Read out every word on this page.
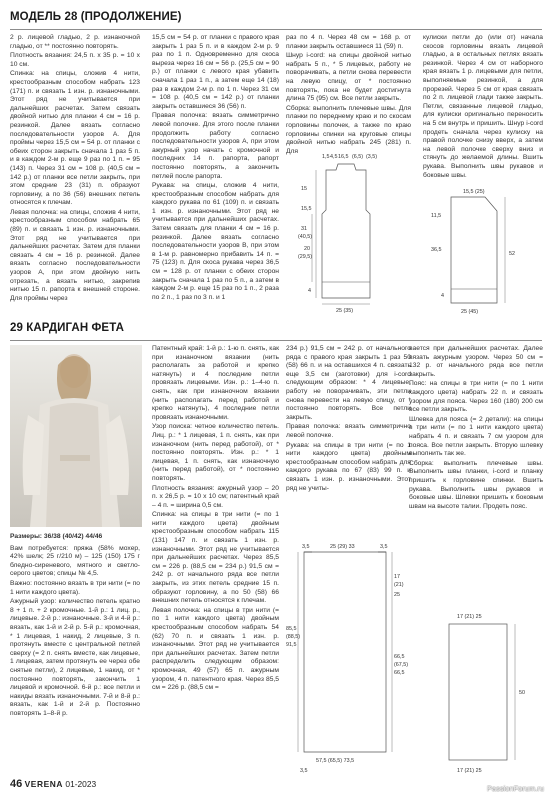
МОДЕЛЬ 28 (ПРОДОЛЖЕНИЕ)

2 р. лицевой гладью, 2 р. изнаночной гладью, от ** постоянно повторять.

Плотность вязания: 24,5 п. x 35 р. = 10 x 10 см.

Спинка: на спицы, сложив 4 нити, крестообразным способом набрать 123 (171) п. и связать 1 изн. р. изнаночными. Этот ряд не учитывается при дальнейших расчетах. Затем связать двойной нитью для планки 4 см = 16 р. резинкой. Далее вязать согласно последовательности узоров А. Для проймы через 15,5 см = 54 р. от планки с обеих сторон закрыть сначала 1 раз 5 п. и в каждом 2-м р. еще 9 раз по 1 п. = 95 (143) п. Через 31 см = 108 р. (40,5 см = 142 р.) от планки все петли закрыть, при этом средние 23 (31) п. образуют горловину, а по 36 (56) внешних петель относятся к плечам.

Левая полочка: на спицы, сложив 4 нити, крестообразным способом набрать 65 (89) п. и связать 1 изн. р. изнаночными. Этот ряд не учитывается при дальнейших расчетах. Затем для планки связать 4 см = 16 р. резинкой. Далее вязать согласно последовательности узоров А, при этом двойную нить отрезать, а вязать нитью, закрепив нитью 15 п. рапорта к внешней стороне. Для проймы через

15,5 см = 54 р. от планки с правого края закрыть 1 раз 5 п. и в каждом 2-м р. 9 раз по 1 п. Одновременно для скоса выреза через 16 см = 56 р. (25,5 см = 90 р.) от планки с левого края убавить сначала 1 раз 1 п., а затем еще 14 (18) раз в каждом 2-м р. по 1 п. Через 31 см = 108 р. (40,5 см = 142 р.) от планки закрыть оставшиеся 36 (56) п.

Правая полочка: вязать симметрично левой полочке. Для этого после планки продолжить работу согласно последовательности узоров А, при этом ажурный узор начать с кромочной и последних 14 п. рапорта, рапорт постоянно повторять, а закончить петлей после рапорта.

Рукава: на спицы, сложив 4 нити, крестообразным способом набрать для каждого рукава по 61 (109) п. и связать 1 изн. р. изнаночными. Этот ряд не учитывается при дальнейших расчетах. Затем связать для планки 4 см = 16 р. резинкой. Далее вязать согласно последовательности узоров В, при этом в 1-м р. равномерно прибавить 14 п. = 75 (123) п. Для скоса рукава через 36,5 см = 128 р. от планки с обеих сторон закрыть сначала 1 раз по 5 п., а затем в каждом 2-м р. еще 15 раз по 1 п., 2 раза по 2 п., 1 раз по 3 п. и 1

раз по 4 п. Через 48 см = 168 р. от планки закрыть оставшиеся 11 (59) п.

Шнур i-cord: на спицы двойной нитью набрать 5 п., * 5 лицевых, работу не поворачивать, а петли снова перевести на левую спицу, от * постоянно повторять, пока не будет достигнута длина 75 (95) см. Все петли закрыть.

Сборка: выполнить плечевые швы. Для планки по переднему краю и по скосам горловины полочек, а также по краю горловины спинки на круговые спицы двойной нитью набрать 245 (281) п. Для

кулиски петли до (или от) начала скосов горловины вязать лицевой гладью, а в остальных петлях вязать резинкой. Через 4 см от наборного края вязать 1 р. лицевыми для петли, выполняемые резинкой, а для прорезей. Через 5 см от края связать по 2 п. лицевой глади также закрыть. Петли, связанные лицевой гладью, для кулиски оригинально переносить на 5 см внутрь и пришить. Шнур i-cord продеть сначала через кулиску на правой полочке снизу вверх, а затем на левой полочке сверху вниз и стянуть до желаемой длины. Вшить рукава. Выполнить швы рукавов и боковые швы.

1,5 4,5 16,5 (6,5) (3,5)
15,5
15
31
(40,5)
20
(29,5)
4
25 (35)
15,5 (25)
11,5
52
36,5
4
25 (45)
29 КАРДИГАН ФЕТА

Размеры: 36/38 (40/42) 44/46

Вам потребуется: пряжа (58% мохер, 42% шелк; 25 г/210 м) – 125 (150) 175 г бледно-сиреневого, мятного и светло-серого цветов; спицы № 4,5.

Важно: постоянно вязать в три нити (= по 1 нити каждого цвета).

Ажурный узор: количество петель кратно 8 + 1 п. + 2 кромочные. 1-й р.: 1 лиц. р., лицевые. 2-й р.: изнаночные. 3-й и 4-й р.: вязать, как 1-й и 2-й р. 5-й р.: кромочная, * 1 лицевая, 1 накид, 2 лицевые, 3 п. протянуть вместе с центральной петлей сверху (= 2 п. снять вместе, как лицевые, 1 лицевая, затем протянуть ее через обе снятые петли), 2 лицевые, 1 накид, от * постоянно повторять, закончить 1 лицевой и кромочной. 6-й р.: все петли и накиды вязать изнаночными. 7-й и 8-й р.: вязать, как 1-й и 2-й р. Постоянно повторять 1–8-й р.

Патентный край: 1-й р.: 1-ю п. снять, как при изнаночном вязании (нить располагать за работой и крепко натянуть) и 4 последние петли провязать лицевыми. Изн. р.: 1–4-ю п. снять, как при изнаночном вязании (нить располагать перед работой и крепко натянуть), 4 последние петли провязать изнаночными.

Узор поиска: четное количество петель. Лиц. р.: * 1 лицевая, 1 п. снять, как при изнаночном (нить перед работой), от * постоянно повторять. Изн. р.: * 1 лицевая, 1 п. снять, как изнаночную (нить перед работой), от * постоянно повторять.

Плотность вязания: ажурный узор – 20 п. x 26,5 р. = 10 x 10 см; патентный край – 4 п. = ширина 0,5 см.

Спинка: на спицы в три нити (= по 1 нити каждого цвета) двойным крестообразным способом набрать 115 (131) 147 п. и связать 1 изн. р. изнаночными. Этот ряд не учитывается при дальнейших расчетах. Через 85,5 см = 226 р. (88,5 см = 234 р.) 91,5 см = 242 р. от начального ряда все петли закрыть, из этих петель средние 15 п. образуют горловину, а по 50 (58) 66 внешних петель относятся к плечам.

Левая полочка: на спицы в три нити (= по 1 нити каждого цвета) двойным крестообразным способом набрать 54 (62) 70 п. и связать 1 изн. р. изнаночными. Этот ряд не учитывается при дальнейших расчетах. Затем петли распределить следующим образом: кромочная, 49 (57) 65 п. ажурным узором, 4 п. патентного края. Через 85,5 см = 226 р. (88,5 см =

234 р.) 91,5 см = 242 р. от начального ряда с правого края закрыть 1 раз 50 (58) 66 п. и на оставшихся 4 п. связать еще 3,5 см (заготовки) для i-cord следующим образом: * 4 лицевые, работу не поворачивать, эти петли снова перевести на левую спицу, от * постоянно повторять. Все петли закрыть.

Правая полочка: вязать симметрично левой полочке.

Рукава: на спицы в три нити (= по 1 нити каждого цвета) двойным крестообразным способом набрать для каждого рукава по 67 (83) 99 п. и связать 1 изн. р. изнаночными. Этот ряд не учиты-

вается при дальнейших расчетах. Далее вязать ажурным узором. Через 50 см = 132 р. от начального ряда все петли закрыть.

Пояс: на спицы в три нити (= по 1 нити каждого цвета) набрать 22 п. и связать узором для пояса. Через 160 (180) 200 см все петли закрыть.

Шлевка для пояса (= 2 детали): на спицы в три нити (= по 1 нити каждого цвета) набрать 4 п. и связать 7 см узором для пояса. Все петли закрыть. Вторую шлевку выполнить так же.

Сборка: выполнить плечевые швы. Выполнить швы планки, i-cord и планку пришить к горловине спинки. Вшить рукава. Выполнить швы рукавов и боковые швы. Шлевки пришить к боковым швам на высоте талии. Продеть пояс.

3,5	25 (29) 33	3,5
17
(21)
25
85,5
(88,5)
91,5
66,5
(67,5)
66,5
57,5 (65,5) 73,5
3,5
17 (21) 25
50
17 (21) 25
46 VERENA 01-2023	PassionForum.ru
